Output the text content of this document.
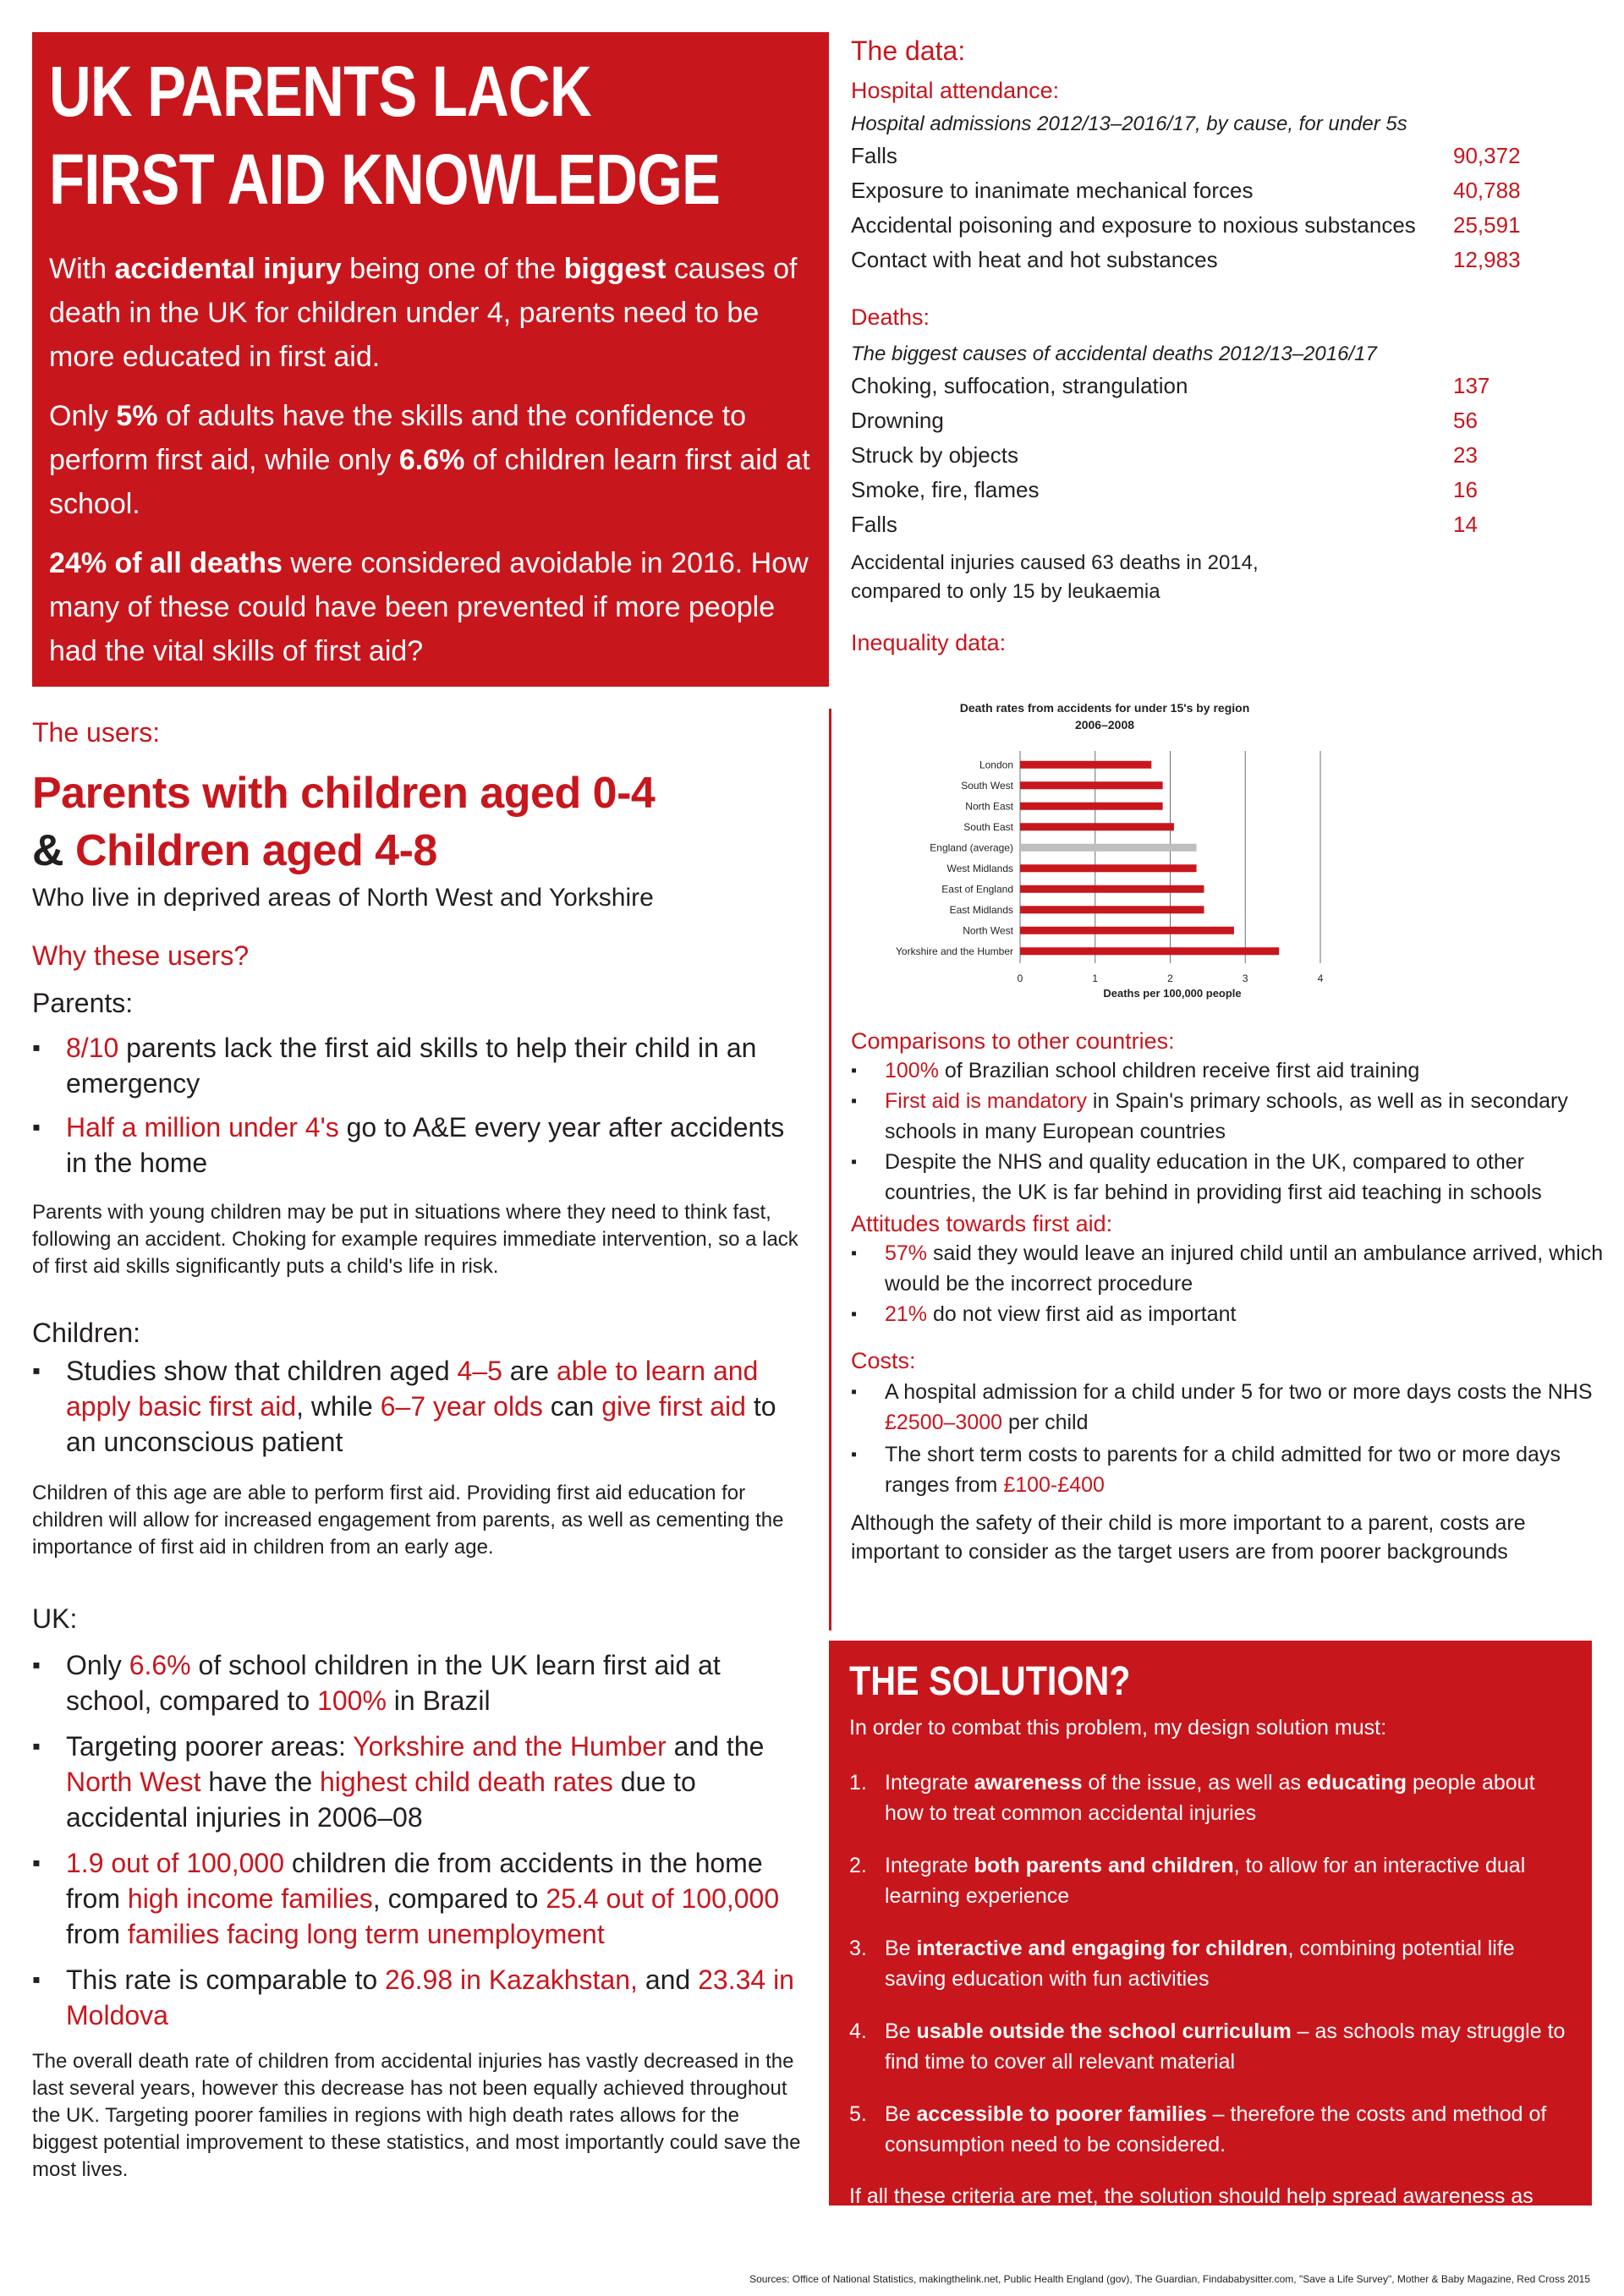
UK PARENTS LACK
FIRST AID KNOWLEDGE

With accidental injury being one of the biggest causes of death in the UK for children under 4, parents need to be more educated in first aid.

Only 5% of adults have the skills and the confidence to perform first aid, while only 6.6% of children learn first aid at school.

24% of all deaths were considered avoidable in 2016. How many of these could have been prevented if more people had the vital skills of first aid?

The data:
Hospital attendance:
Hospital admissions 2012/13–2016/17, by cause, for under 5s
Falls	90,372
Exposure to inanimate mechanical forces	40,788
Accidental poisoning and exposure to noxious substances 25,591
Contact with heat and hot substances	12,983
Deaths:
The biggest causes of accidental deaths 2012/13–2016/17
Choking, suffocation, strangulation	137
Drowning	56
Struck by objects	23
Smoke, fire, flames	16
Falls	14
Accidental injuries caused 63 deaths in 2014,
compared to only 15 by leukaemia
Inequality data:
Death rates from accidents for under 15's by region
2006–2008
London
South West
North East
South East
England (average)
West Midlands
East of England
East Midlands
North West
Yorkshire and the Humber
0	1	2	3	4
Deaths per 100,000 people
Comparisons to other countries:
▪ 100% of Brazilian school children receive first aid training
▪ First aid is mandatory in Spain's primary schools, as well as in secondary schools in many European countries
▪ Despite the NHS and quality education in the UK, compared to other countries, the UK is far behind in providing first aid teaching in schools
Attitudes towards first aid:
▪ 57% said they would leave an injured child until an ambulance arrived, which would be the incorrect procedure
▪ 21% do not view first aid as important
Costs:
▪ A hospital admission for a child under 5 for two or more days costs the NHS £2500–3000 per child
▪ The short term costs to parents for a child admitted for two or more days ranges from £100-£400

Although the safety of their child is more important to a parent, costs are important to consider as the target users are from poorer backgrounds

The users:
Parents with children aged 0-4
& Children aged 4-8
Who live in deprived areas of North West and Yorkshire
Why these users?
Parents:
▪ 8/10 parents lack the first aid skills to help their child in an emergency
▪ Half a million under 4's go to A&E every year after accidents in the home

Parents with young children may be put in situations where they need to think fast, following an accident. Choking for example requires immediate intervention, so a lack of first aid skills significantly puts a child's life in risk.

Children:
▪ Studies show that children aged 4–5 are able to learn and apply basic first aid, while 6–7 year olds can give first aid to an unconscious patient

Children of this age are able to perform first aid. Providing first aid education for children will allow for increased engagement from parents, as well as cementing the importance of first aid in children from an early age.

UK:
▪ Only 6.6% of school children in the UK learn first aid at school, compared to 100% in Brazil
▪ Targeting poorer areas: Yorkshire and the Humber and the North West have the highest child death rates due to accidental injuries in 2006–08
▪ 1.9 out of 100,000 children die from accidents in the home from high income families, compared to 25.4 out of 100,000 from families facing long term unemployment
▪ This rate is comparable to 26.98 in Kazakhstan, and 23.34 in Moldova

The overall death rate of children from accidental injuries has vastly decreased in the last several years, however this decrease has not been equally achieved throughout the UK. Targeting poorer families in regions with high death rates allows for the biggest potential improvement to these statistics, and most importantly could save the most lives.

THE SOLUTION?

In order to combat this problem, my design solution must:

1. Integrate awareness of the issue, as well as educating people about how to treat common accidental injuries
2. Integrate both parents and children, to allow for an interactive dual learning experience
3. Be interactive and engaging for children, combining potential life saving education with fun activities
4. Be usable outside the school curriculum – as schools may struggle to find time to cover all relevant material
5. Be accessible to poorer families – therefore the costs and method of consumption need to be considered.

If all these criteria are met, the solution should help spread awareness as well as teach people the vital skills of first aid, ultimately saving lives.

Sources: Office of National Statistics, makingthelink.net, Public Health England (gov), The Guardian, Findababysitter.com, "Save a Life Survey", Mother & Baby Magazine, Red Cross 2015
